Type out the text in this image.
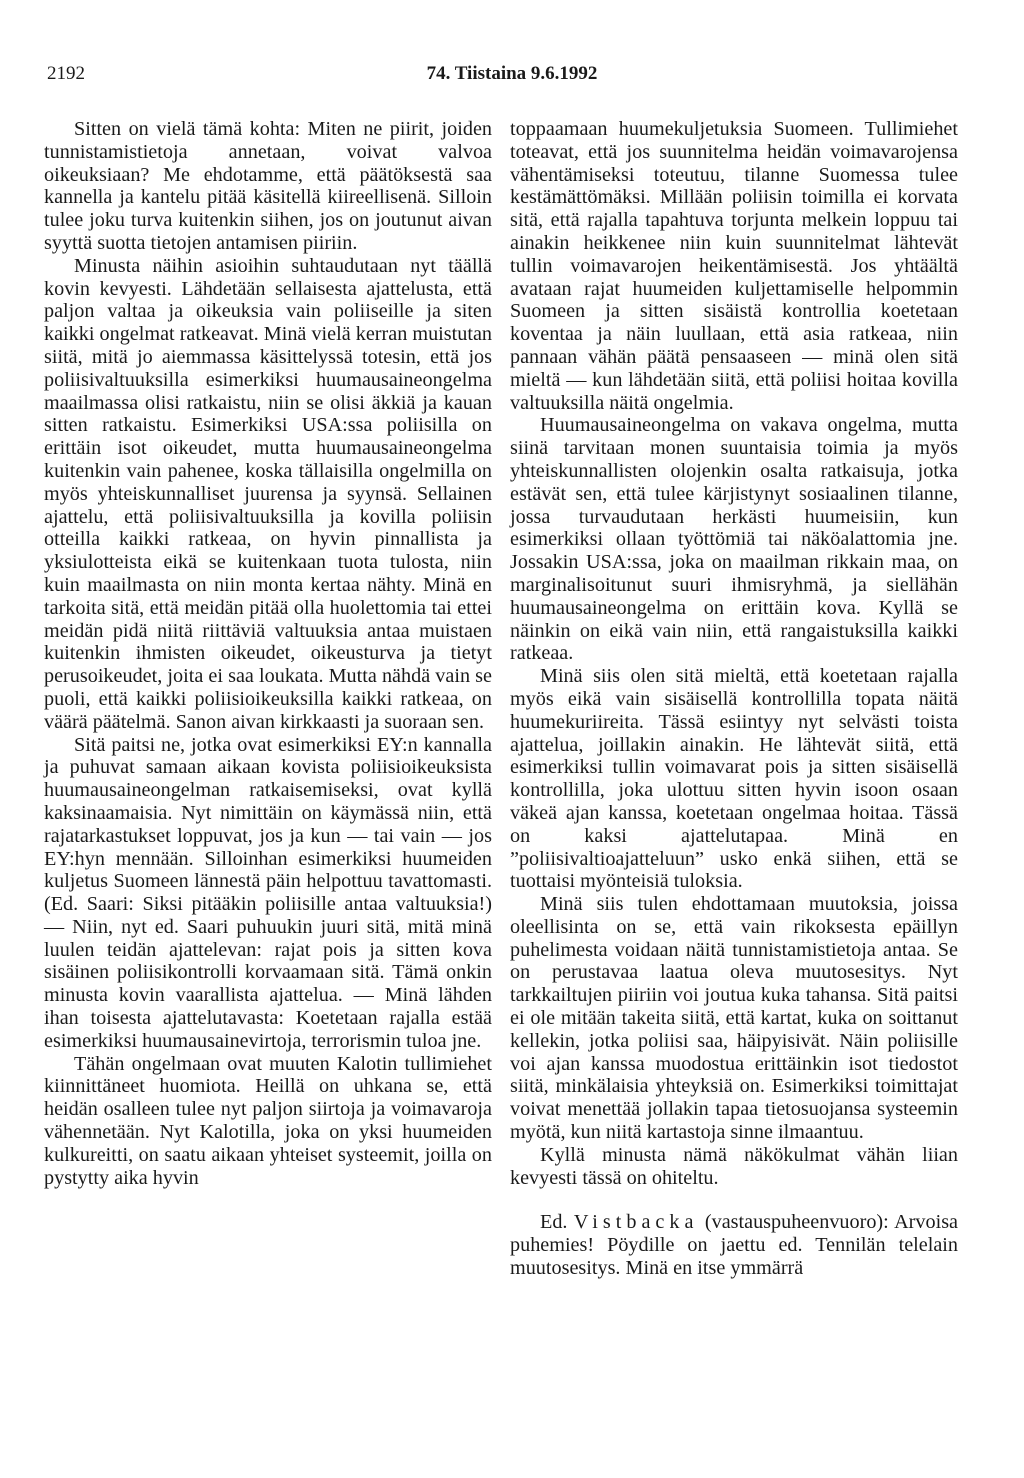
2192	74. Tiistaina 9.6.1992

Sitten on vielä tämä kohta: Miten ne piirit, joiden tunnistamistietoja annetaan, voivat valvoa oikeuksiaan? Me ehdotamme, että päätöksestä saa kannella ja kantelu pitää käsitellä kiireellisenä. Silloin tulee joku turva kuitenkin siihen, jos on joutunut aivan syyttä suotta tietojen antamisen piiriin.

Minusta näihin asioihin suhtaudutaan nyt täällä kovin kevyesti. Lähdetään sellaisesta ajattelusta, että paljon valtaa ja oikeuksia vain poliiseille ja siten kaikki ongelmat ratkeavat. Minä vielä kerran muistutan siitä, mitä jo aiemmassa käsittelyssä totesin, että jos poliisivaltuuksilla esimerkiksi huumausaineongelma maailmassa olisi ratkaistu, niin se olisi äkkiä ja kauan sitten ratkaistu. Esimerkiksi USA:ssa poliisilla on erittäin isot oikeudet, mutta huumausaineongelma kuitenkin vain pahenee, koska tällaisilla ongelmilla on myös yhteiskunnalliset juurensa ja syynsä. Sellainen ajattelu, että poliisivaltuuksilla ja kovilla poliisin otteilla kaikki ratkeaa, on hyvin pinnallista ja yksiulotteista eikä se kuitenkaan tuota tulosta, niin kuin maailmasta on niin monta kertaa nähty. Minä en tarkoita sitä, että meidän pitää olla huolettomia tai ettei meidän pidä niitä riittäviä valtuuksia antaa muistaen kuitenkin ihmisten oikeudet, oikeusturva ja tietyt perusoikeudet, joita ei saa loukata. Mutta nähdä vain se puoli, että kaikki poliisioikeuksilla kaikki ratkeaa, on väärä päätelmä. Sanon aivan kirkkaasti ja suoraan sen.

Sitä paitsi ne, jotka ovat esimerkiksi EY:n kannalla ja puhuvat samaan aikaan kovista poliisioikeuksista huumausaineongelman ratkaisemiseksi, ovat kyllä kaksinaamaisia. Nyt nimittäin on käymässä niin, että rajatarkastukset loppuvat, jos ja kun — tai vain — jos EY:hyn mennään. Silloinhan esimerkiksi huumeiden kuljetus Suomeen lännestä päin helpottuu tavattomasti. (Ed. Saari: Siksi pitääkin poliisille antaa valtuuksia!) — Niin, nyt ed. Saari puhuukin juuri sitä, mitä minä luulen teidän ajattelevan: rajat pois ja sitten kova sisäinen poliisikontrolli korvaamaan sitä. Tämä onkin minusta kovin vaarallista ajattelua. — Minä lähden ihan toisesta ajattelutavasta: Koetetaan rajalla estää esimerkiksi huumausainevirtoja, terrorismin tuloa jne.

Tähän ongelmaan ovat muuten Kalotin tullimiehet kiinnittäneet huomiota. Heillä on uhkana se, että heidän osalleen tulee nyt paljon siirtoja ja voimavaroja vähennetään. Nyt Kalotilla, joka on yksi huumeiden kulkureitti, on saatu aikaan yhteiset systeemit, joilla on pystytty aika hyvin

toppaamaan huumekuljetuksia Suomeen. Tullimiehet toteavat, että jos suunnitelma heidän voimavarojensa vähentämiseksi toteutuu, tilanne Suomessa tulee kestämättömäksi. Millään poliisin toimilla ei korvata sitä, että rajalla tapahtuva torjunta melkein loppuu tai ainakin heikkenee niin kuin suunnitelmat lähtevät tullin voimavarojen heikentämisestä. Jos yhtäältä avataan rajat huumeiden kuljettamiselle helpommin Suomeen ja sitten sisäistä kontrollia koetetaan koventaa ja näin luullaan, että asia ratkeaa, niin pannaan vähän päätä pensaaseen — minä olen sitä mieltä — kun lähdetään siitä, että poliisi hoitaa kovilla valtuuksilla näitä ongelmia.

Huumausaineongelma on vakava ongelma, mutta siinä tarvitaan monen suuntaisia toimia ja myös yhteiskunnallisten olojenkin osalta ratkaisuja, jotka estävät sen, että tulee kärjistynyt sosiaalinen tilanne, jossa turvaudutaan herkästi huumeisiin, kun esimerkiksi ollaan työttömiä tai näköalattomia jne. Jossakin USA:ssa, joka on maailman rikkain maa, on marginalisoitunut suuri ihmisryhmä, ja siellähän huumausaineongelma on erittäin kova. Kyllä se näinkin on eikä vain niin, että rangaistuksilla kaikki ratkeaa.

Minä siis olen sitä mieltä, että koetetaan rajalla myös eikä vain sisäisellä kontrollilla topata näitä huumekuriireita. Tässä esiintyy nyt selvästi toista ajattelua, joillakin ainakin. He lähtevät siitä, että esimerkiksi tullin voimavarat pois ja sitten sisäisellä kontrollilla, joka ulottuu sitten hyvin isoon osaan väkeä ajan kanssa, koetetaan ongelmaa hoitaa. Tässä on kaksi ajattelutapaa. Minä en ”poliisivaltioajatteluun” usko enkä siihen, että se tuottaisi myönteisiä tuloksia.

Minä siis tulen ehdottamaan muutoksia, joissa oleellisinta on se, että vain rikoksesta epäillyn puhelimesta voidaan näitä tunnistamistietoja antaa. Se on perustavaa laatua oleva muutosesitys. Nyt tarkkailtujen piiriin voi joutua kuka tahansa. Sitä paitsi ei ole mitään takeita siitä, että kartat, kuka on soittanut kellekin, jotka poliisi saa, häipyisivät. Näin poliisille voi ajan kanssa muodostua erittäinkin isot tiedostot siitä, minkälaisia yhteyksiä on. Esimerkiksi toimittajat voivat menettää jollakin tapaa tietosuojansa systeemin myötä, kun niitä kartastoja sinne ilmaantuu.

Kyllä minusta nämä näkökulmat vähän liian kevyesti tässä on ohiteltu.

Ed. Vistbacka (vastauspuheenvuoro): Arvoisa puhemies! Pöydille on jaettu ed. Tennilän telelain muutosesitys. Minä en itse ymmärrä
